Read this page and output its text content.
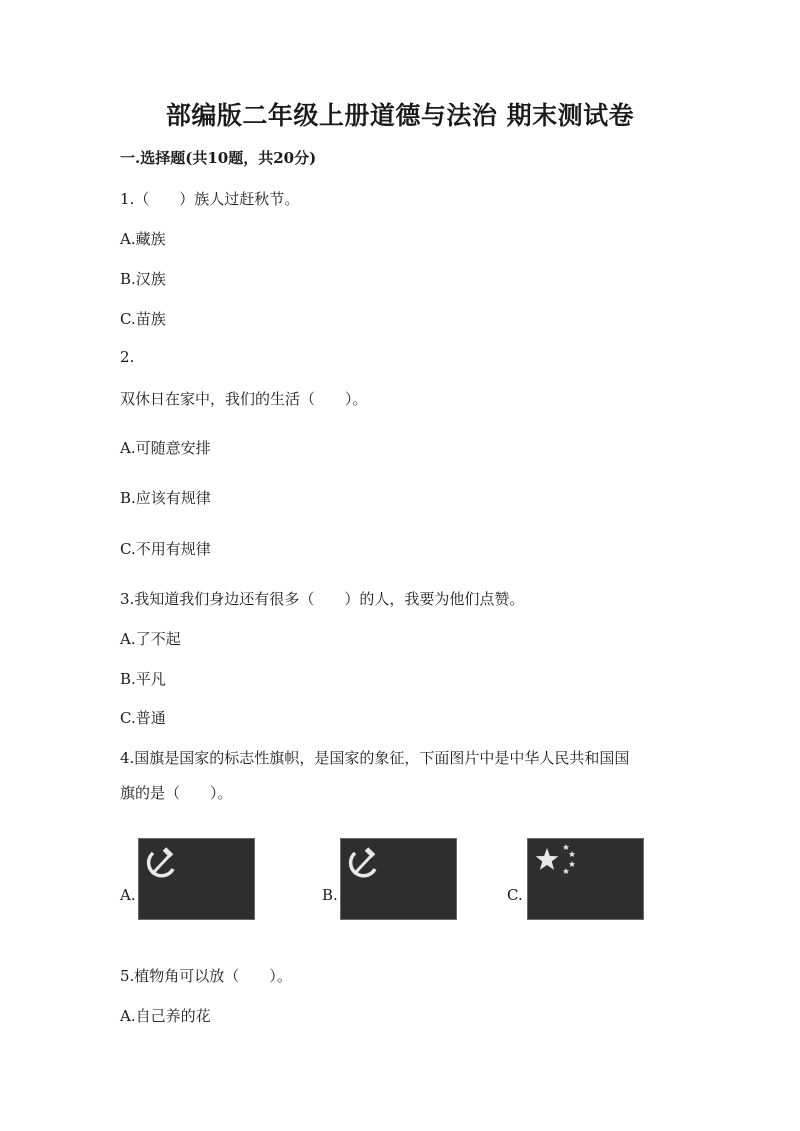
部编版二年级上册道德与法治 期末测试卷
一.选择题(共10题，共20分)
1.（　　）族人过赶秋节。
A.藏族
B.汉族
C.苗族
2.
双休日在家中，我们的生活（　　）。
A.可随意安排
B.应该有规律
C.不用有规律
3.我知道我们身边还有很多（　　）的人，我要为他们点赞。
A.了不起
B.平凡
C.普通
4.国旗是国家的标志性旗帜，是国家的象征，下面图片中是中华人民共和国国
旗的是（　　）。
A.	B.	C.
5.植物角可以放（　　）。
A.自己养的花
